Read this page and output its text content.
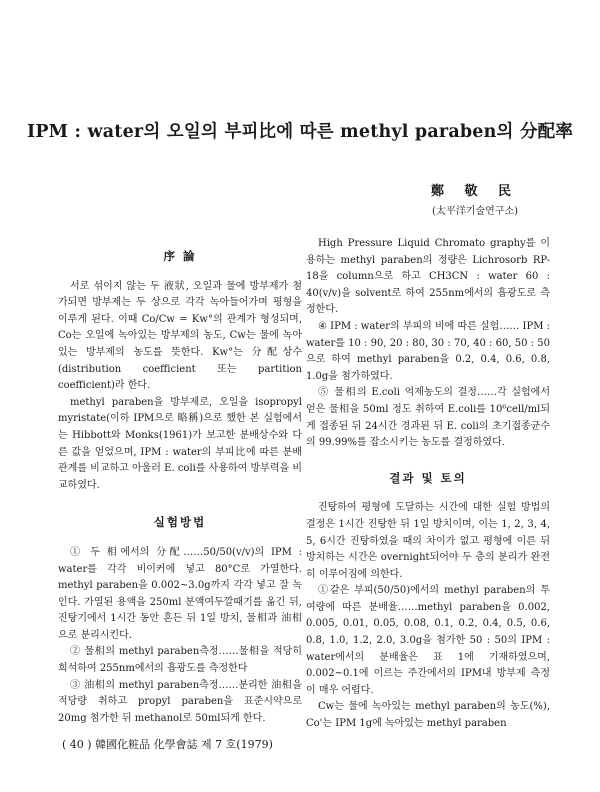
IPM : water의 오일의 부피比에 따른 methyl paraben의 分配率
鄭 敬 民
(太平洋기술연구소)
序 論

서로 섞이지 않는 두 液狀, 오일과 물에 방부제가 첨가되면 방부제는 두 상으로 각각 녹아들어가며 평형을 이루게 된다. 이때 Co/Cw = Kw°의 관계가 형성되며, Co는 오일에 녹아있는 방부제의 농도, Cw는 물에 녹아있는 방부제의 농도를 뜻한다. Kw°는 分配상수(distribution coefficient 또는 partition coefficient)라 한다.

methyl paraben을 방부제로, 오일을 isopropyl myristate(이하 IPM으로 略稱)으로 했한 본 실험에서는 Hibbott와 Monks(1961)가 보고한 분배상수와 다른 값을 얻었으며, IPM : water의 부피比에 따른 분배관계를 비교하고 아울러 E. coli를 사용하여 방부력을 비교하였다.

실험방법

① 두 相에서의 分配……50/50(v/v)의 IPM : water를 각각 비이커에 넣고 80°C로 가열한다. methyl paraben을 0.002~3.0g까지 각각 넣고 잘 녹인다. 가열된 용액을 250ml 분액여두깔때기를 옮긴 뒤, 진탕기에서 1시간 동안 흔든 뒤 1일 방치, 물相과 油相으로 분리시킨다.

② 물相의 methyl paraben측정……물相을 적당히 희석하여 255nm에서의 흡광도를 측정한다

③ 油相의 methyl paraben측정……분리한 油相을 적당량 취하고 propyl paraben을 표준시약으로 20mg 첨가한 뒤 methanol로 50ml되게 한다.

High Pressure Liquid Chromato graphy를 이용하는 methyl paraben의 정량은 Lichrosorb RP-18을 column으로 하고 CH3CN : water 60 : 40(v/v)을 solvent로 하여 255nm에서의 흡광도로 측정한다.

④ IPM : water의 부피의 비에 따른 실험…… IPM : water를 10 : 90, 20 : 80, 30 : 70, 40 : 60, 50 : 50으로 하여 methyl paraben을 0.2, 0.4, 0.6, 0.8, 1.0g을 첨가하였다.

⑤ 물相의 E.coli 억제농도의 결정……각 실험에서 얻은 물相을 50ml 정도 취하여 E.coli를 10⁶cell/ml되게 접종된 뒤 24시간 경과된 뒤 E. coli의 초기접종균수의 99.99%를 잡소시키는 농도를 결정하였다.

결과 및 토의

진탕하여 평형에 도달하는 시간에 대한 실험 방법의 결정은 1시간 진탕한 뒤 1일 방치이며, 이는 1, 2, 3, 4, 5, 6시간 진탕하였을 때의 차이가 없고 평형에 이른 뒤 방치하는 시간은 overnight되어야 두 층의 분리가 완전히 이루어짐에 의한다.

①같은 부피(50/50)에서의 methyl paraben의 투여량에 따른 분배율……methyl paraben을 0.002, 0.005, 0.01, 0.05, 0.08, 0.1, 0.2, 0.4, 0.5, 0.6, 0.8, 1.0, 1.2, 2.0, 3.0g을 첨가한 50 : 50의 IPM : water에서의 분배율은 표 1에 기재하였으며, 0.002~0.1에 이르는 주간에서의 IPM내 방부제 측정이 매우 어렵다.

Cw는 물에 녹아있는 methyl paraben의 농도(%), Co'는 IPM 1g에 녹아있는 methyl paraben

( 40 ) 韓國化粧品 化學會誌 제 7 호(1979)
